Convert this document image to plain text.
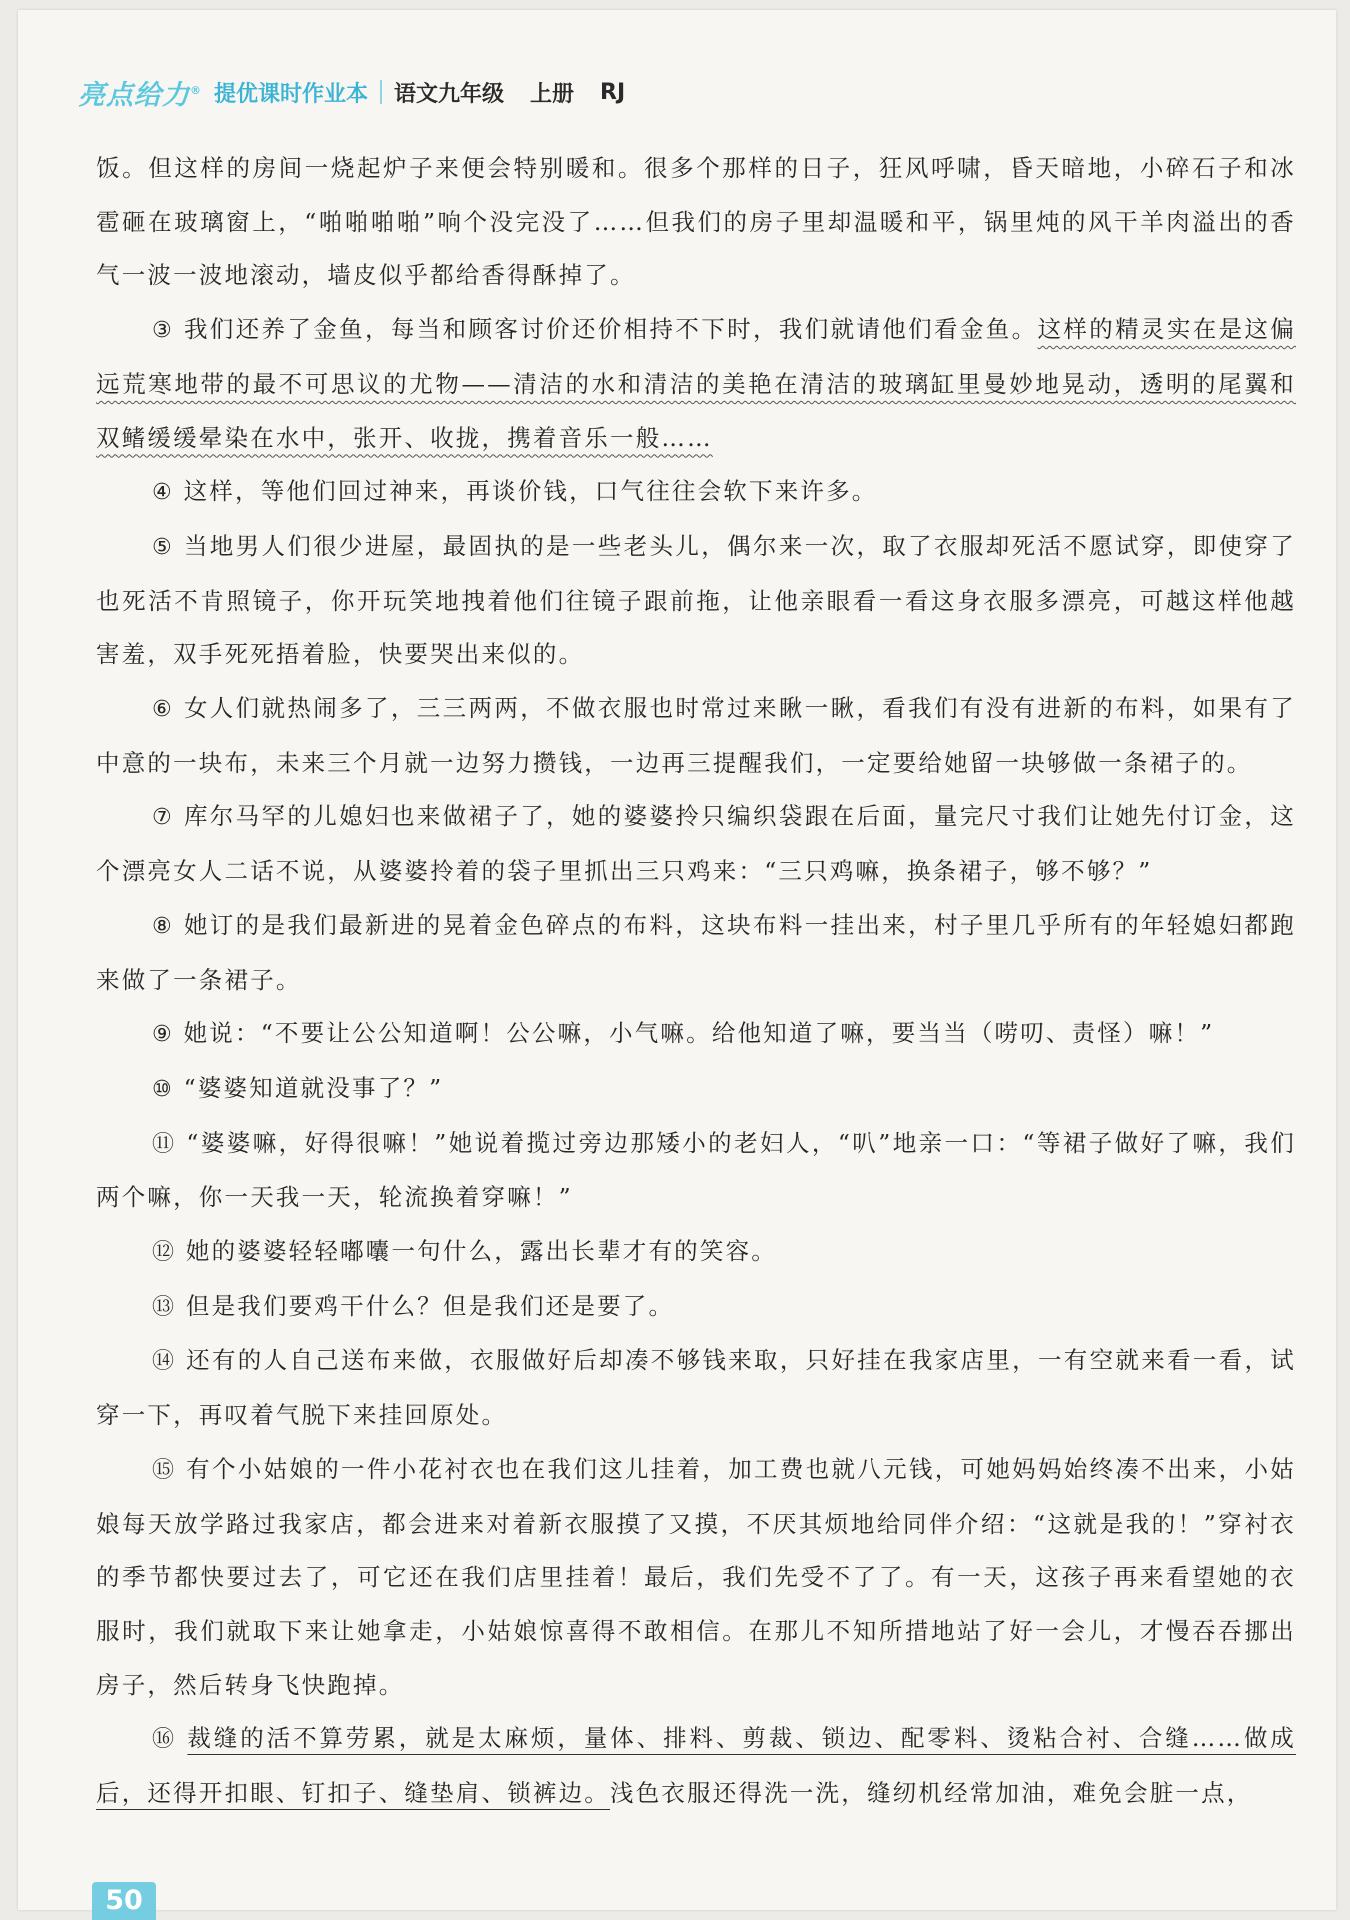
亮点给力® 提优课时作业本 语文九年级 上册 RJ

饭。但这样的房间一烧起炉子来便会特别暖和。很多个那样的日子，狂风呼啸，昏天暗地，小碎石子和冰雹砸在玻璃窗上，“啪啪啪啪”响个没完没了……但我们的房子里却温暖和平，锅里炖的风干羊肉溢出的香气一波一波地滚动，墙皮似乎都给香得酥掉了。

③ 我们还养了金鱼，每当和顾客讨价还价相持不下时，我们就请他们看金鱼。这样的精灵实在是这偏远荒寒地带的最不可思议的尤物——清洁的水和清洁的美艳在清洁的玻璃缸里曼妙地晃动，透明的尾翼和双鳍缓缓晕染在水中，张开、收拢，携着音乐一般……

④ 这样，等他们回过神来，再谈价钱，口气往往会软下来许多。

⑤ 当地男人们很少进屋，最固执的是一些老头儿，偶尔来一次，取了衣服却死活不愿试穿，即使穿了也死活不肯照镜子，你开玩笑地拽着他们往镜子跟前拖，让他亲眼看一看这身衣服多漂亮，可越这样他越害羞，双手死死捂着脸，快要哭出来似的。

⑥ 女人们就热闹多了，三三两两，不做衣服也时常过来瞅一瞅，看我们有没有进新的布料，如果有了中意的一块布，未来三个月就一边努力攒钱，一边再三提醒我们，一定要给她留一块够做一条裙子的。

⑦ 库尔马罕的儿媳妇也来做裙子了，她的婆婆拎只编织袋跟在后面，量完尺寸我们让她先付订金，这个漂亮女人二话不说，从婆婆拎着的袋子里抓出三只鸡来：“三只鸡嘛，换条裙子，够不够？”

⑧ 她订的是我们最新进的晃着金色碎点的布料，这块布料一挂出来，村子里几乎所有的年轻媳妇都跑来做了一条裙子。

⑨ 她说：“不要让公公知道啊！公公嘛，小气嘛。给他知道了嘛，要当当（唠叨、责怪）嘛！”

⑩ “婆婆知道就没事了？”

⑪ “婆婆嘛，好得很嘛！”她说着揽过旁边那矮小的老妇人，“叭”地亲一口：“等裙子做好了嘛，我们两个嘛，你一天我一天，轮流换着穿嘛！”

⑫ 她的婆婆轻轻嘟囔一句什么，露出长辈才有的笑容。

⑬ 但是我们要鸡干什么？但是我们还是要了。

⑭ 还有的人自己送布来做，衣服做好后却凑不够钱来取，只好挂在我家店里，一有空就来看一看，试穿一下，再叹着气脱下来挂回原处。

⑮ 有个小姑娘的一件小花衬衣也在我们这儿挂着，加工费也就八元钱，可她妈妈始终凑不出来，小姑娘每天放学路过我家店，都会进来对着新衣服摸了又摸，不厌其烦地给同伴介绍：“这就是我的！”穿衬衣的季节都快要过去了，可它还在我们店里挂着！最后，我们先受不了了。有一天，这孩子再来看望她的衣服时，我们就取下来让她拿走，小姑娘惊喜得不敢相信。在那儿不知所措地站了好一会儿，才慢吞吞挪出房子，然后转身飞快跑掉。

⑯ 裁缝的活不算劳累，就是太麻烦，量体、排料、剪裁、锁边、配零料、烫粘合衬、合缝……做成后，还得开扣眼、钉扣子、缝垫肩、锁裤边。浅色衣服还得洗一洗，缝纫机经常加油，难免会脏一点，

50
